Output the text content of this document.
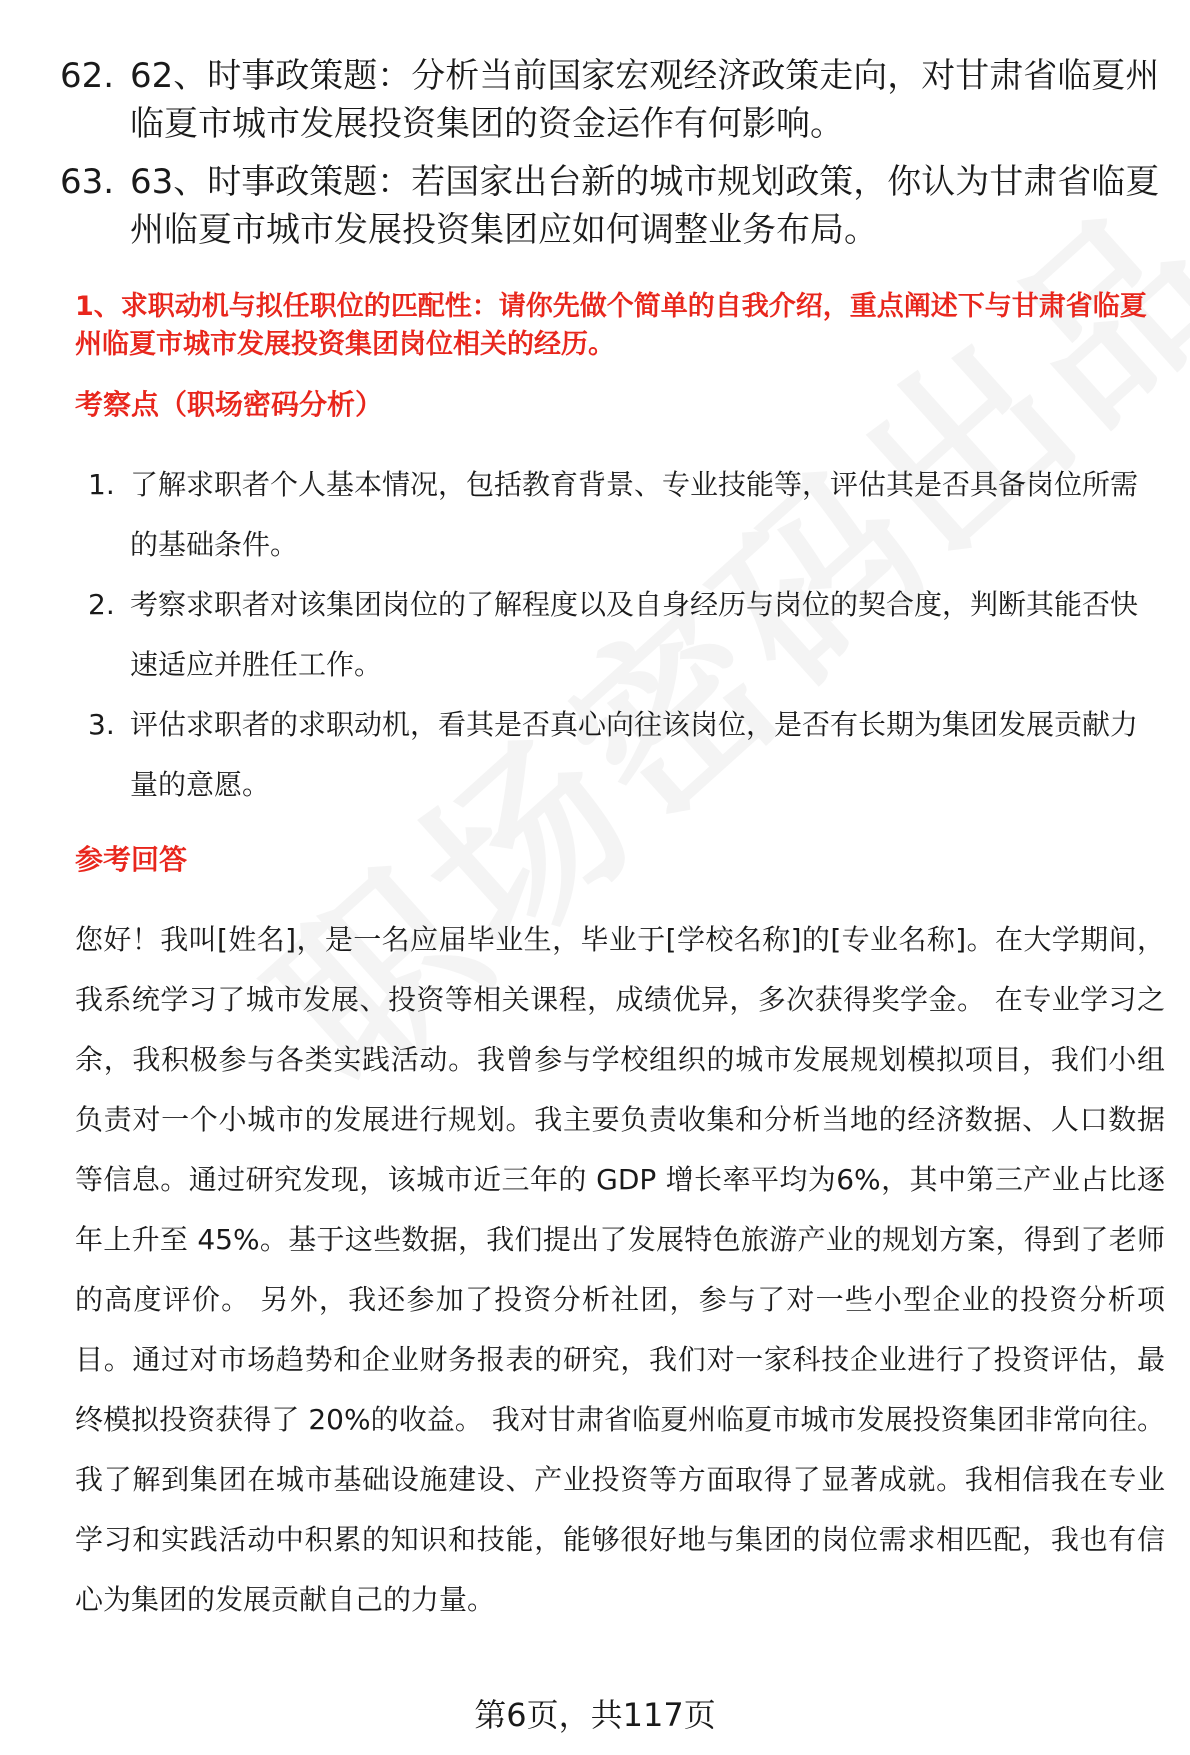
62. 62、时事政策题：分析当前国家宏观经济政策走向，对甘肃省临夏州临夏市城市发展投资集团的资金运作有何影响。
63. 63、时事政策题：若国家出台新的城市规划政策，你认为甘肃省临夏州临夏市城市发展投资集团应如何调整业务布局。
1、求职动机与拟任职位的匹配性：请你先做个简单的自我介绍，重点阐述下与甘肃省临夏州临夏市城市发展投资集团岗位相关的经历。
考察点（职场密码分析）
1. 了解求职者个人基本情况，包括教育背景、专业技能等，评估其是否具备岗位所需的基础条件。
2. 考察求职者对该集团岗位的了解程度以及自身经历与岗位的契合度，判断其能否快速适应并胜任工作。
3. 评估求职者的求职动机，看其是否真心向往该岗位，是否有长期为集团发展贡献力量的意愿。
参考回答
您好！我叫[姓名]，是一名应届毕业生，毕业于[学校名称]的[专业名称]。在大学期间，我系统学习了城市发展、投资等相关课程，成绩优异，多次获得奖学金。 在专业学习之余，我积极参与各类实践活动。我曾参与学校组织的城市发展规划模拟项目，我们小组负责对一个小城市的发展进行规划。我主要负责收集和分析当地的经济数据、人口数据等信息。通过研究发现，该城市近三年的 GDP 增长率平均为6%，其中第三产业占比逐年上升至 45%。基于这些数据，我们提出了发展特色旅游产业的规划方案，得到了老师的高度评价。 另外，我还参加了投资分析社团，参与了对一些小型企业的投资分析项目。通过对市场趋势和企业财务报表的研究，我们对一家科技企业进行了投资评估，最终模拟投资获得了 20%的收益。 我对甘肃省临夏州临夏市城市发展投资集团非常向往。我了解到集团在城市基础设施建设、产业投资等方面取得了显著成就。我相信我在专业学习和实践活动中积累的知识和技能，能够很好地与集团的岗位需求相匹配，我也有信心为集团的发展贡献自己的力量。
第6页，共117页
